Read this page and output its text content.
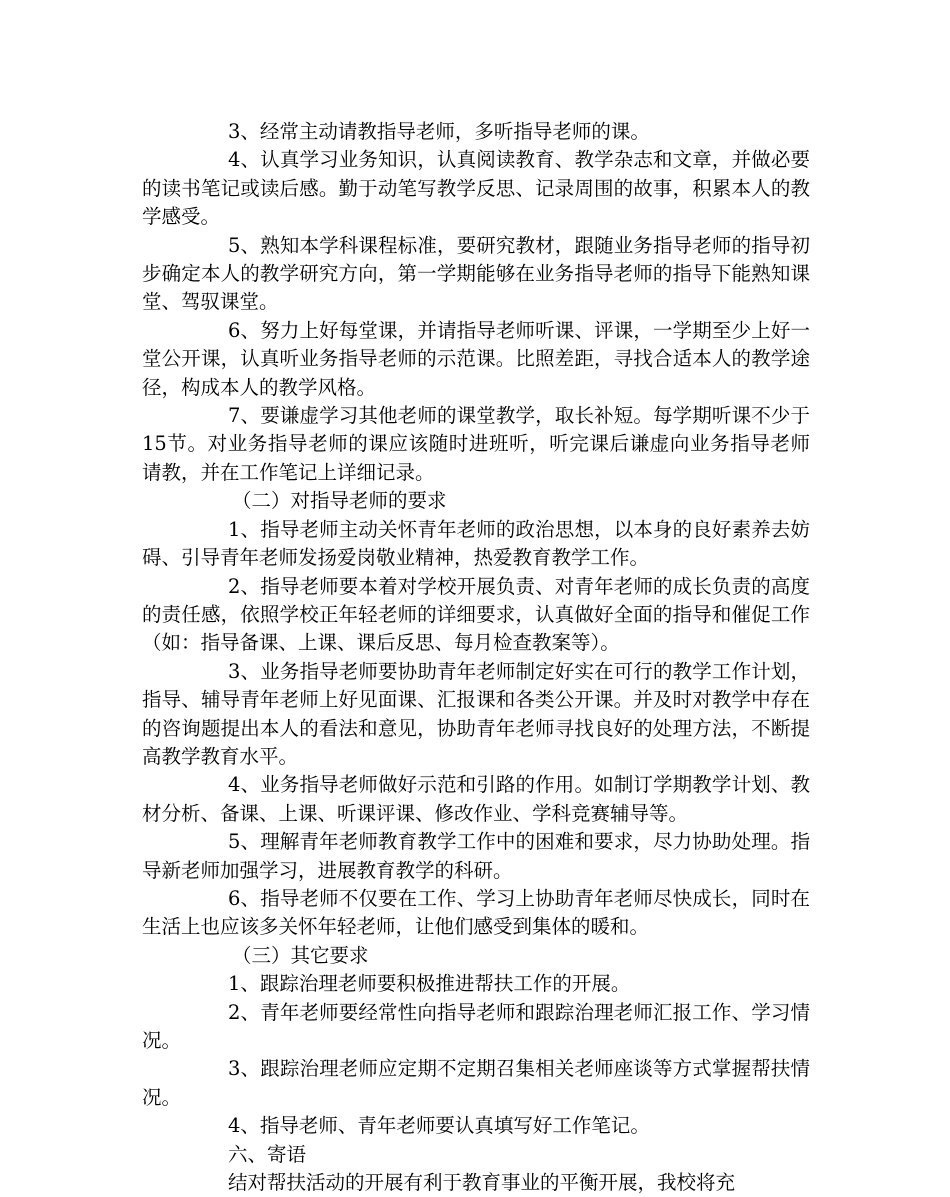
3、经常主动请教指导老师，多听指导老师的课。

4、认真学习业务知识，认真阅读教育、教学杂志和文章，并做必要的读书笔记或读后感。勤于动笔写教学反思、记录周围的故事，积累本人的教学感受。

5、熟知本学科课程标准，要研究教材，跟随业务指导老师的指导初步确定本人的教学研究方向，第一学期能够在业务指导老师的指导下能熟知课堂、驾驭课堂。

6、努力上好每堂课，并请指导老师听课、评课，一学期至少上好一堂公开课，认真听业务指导老师的示范课。比照差距，寻找合适本人的教学途径，构成本人的教学风格。

7、要谦虚学习其他老师的课堂教学，取长补短。每学期听课不少于15节。对业务指导老师的课应该随时进班听，听完课后谦虚向业务指导老师请教，并在工作笔记上详细记录。

（二）对指导老师的要求

1、指导老师主动关怀青年老师的政治思想，以本身的良好素养去妨碍、引导青年老师发扬爱岗敬业精神，热爱教育教学工作。

2、指导老师要本着对学校开展负责、对青年老师的成长负责的高度的责任感，依照学校正年轻老师的详细要求，认真做好全面的指导和催促工作（如：指导备课、上课、课后反思、每月检查教案等）。

3、业务指导老师要协助青年老师制定好实在可行的教学工作计划，指导、辅导青年老师上好见面课、汇报课和各类公开课。并及时对教学中存在的咨询题提出本人的看法和意见，协助青年老师寻找良好的处理方法，不断提高教学教育水平。

4、业务指导老师做好示范和引路的作用。如制订学期教学计划、教材分析、备课、上课、听课评课、修改作业、学科竞赛辅导等。

5、理解青年老师教育教学工作中的困难和要求，尽力协助处理。指导新老师加强学习，进展教育教学的科研。

6、指导老师不仅要在工作、学习上协助青年老师尽快成长，同时在生活上也应该多关怀年轻老师，让他们感受到集体的暖和。

（三）其它要求

1、跟踪治理老师要积极推进帮扶工作的开展。

2、青年老师要经常性向指导老师和跟踪治理老师汇报工作、学习情况。

3、跟踪治理老师应定期不定期召集相关老师座谈等方式掌握帮扶情况。

4、指导老师、青年老师要认真填写好工作笔记。

六、寄语

结对帮扶活动的开展有利于教育事业的平衡开展，我校将充
